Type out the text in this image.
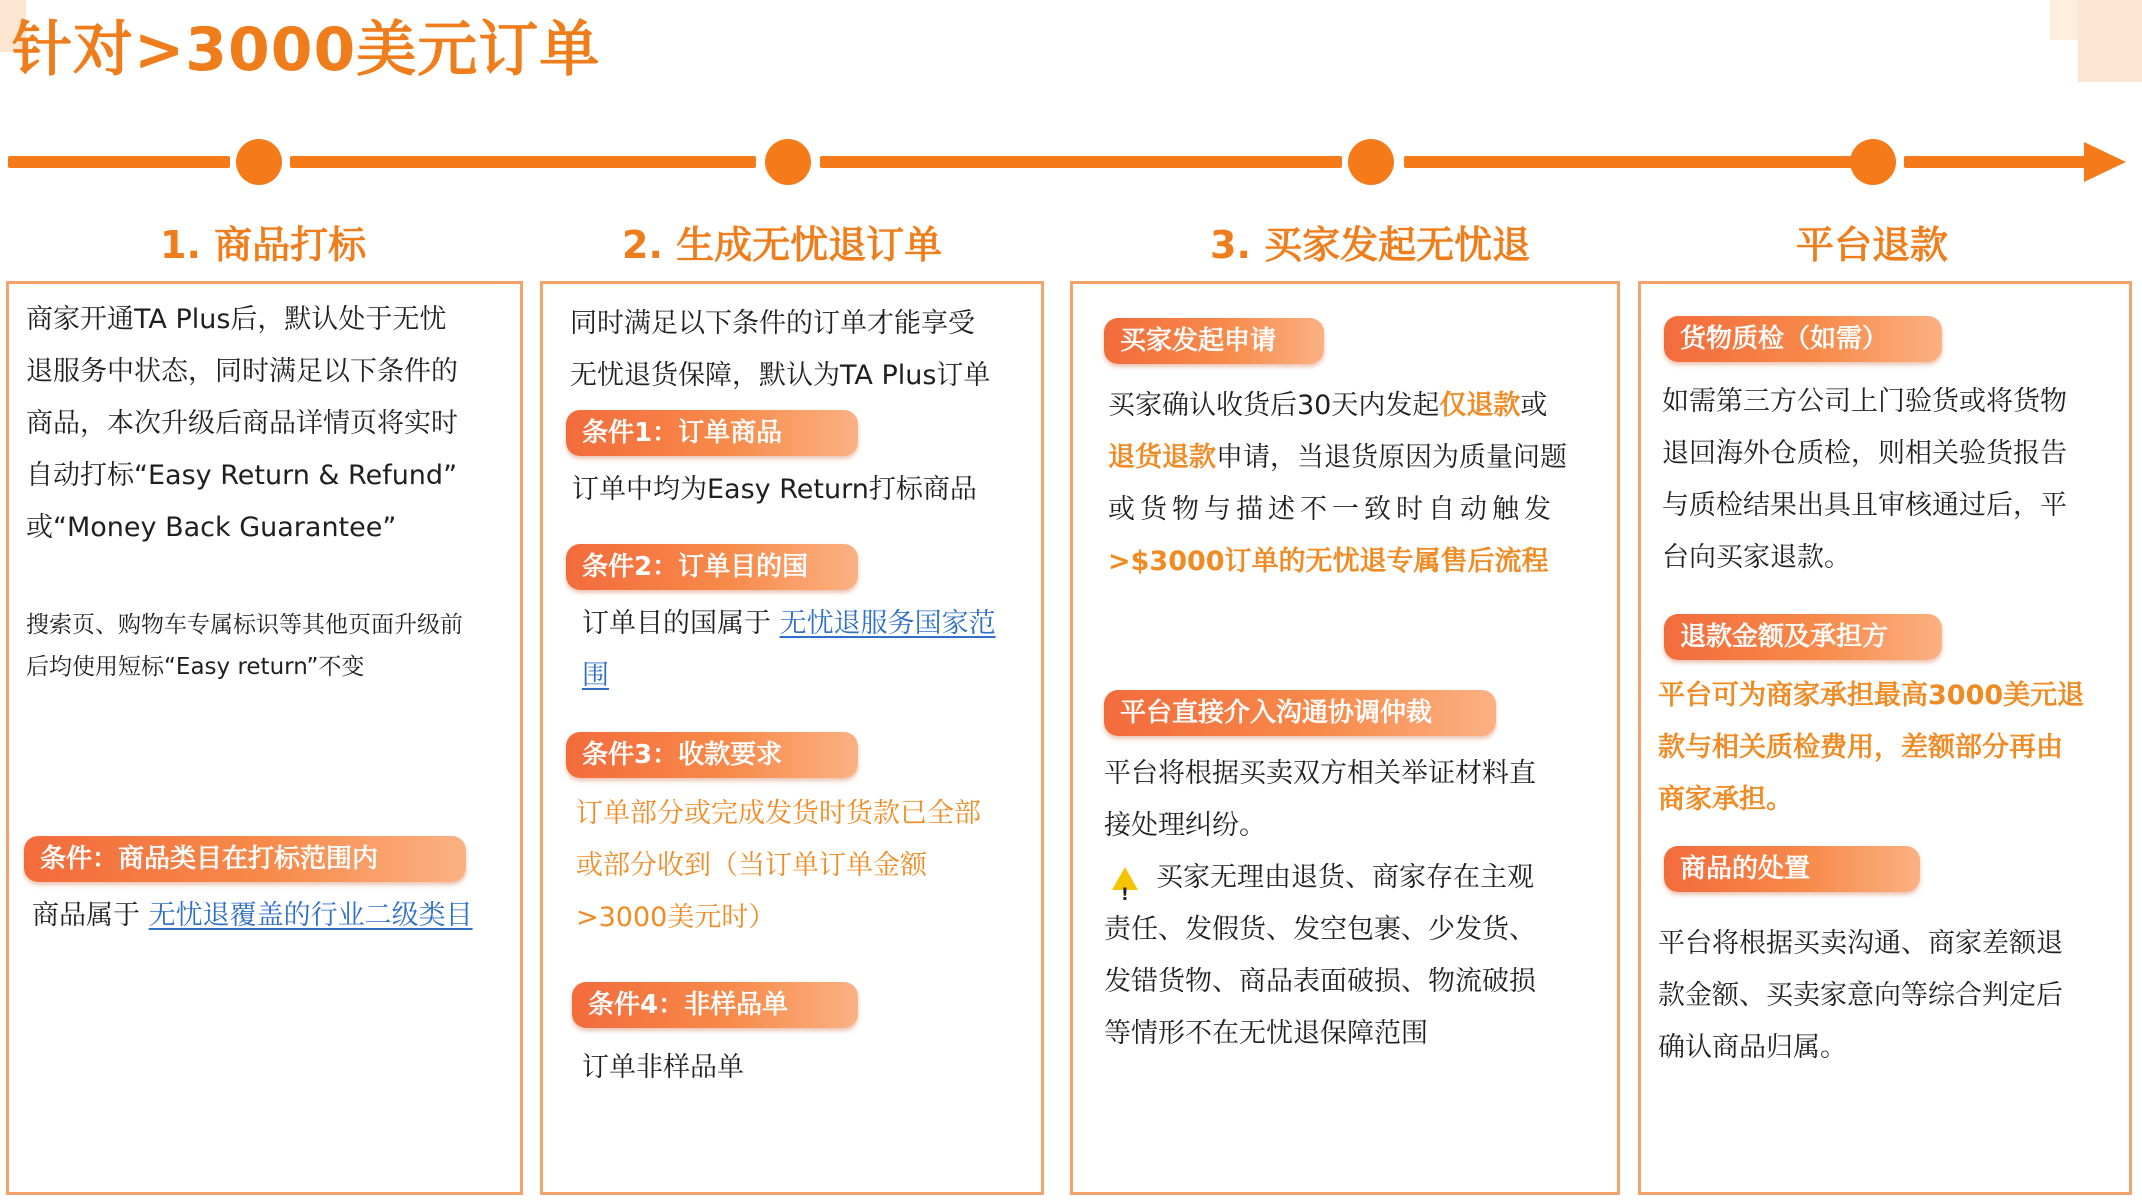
针对>3000美元订单
1. 商品打标	2. 生成无忧退订单	3. 买家发起无忧退	平台退款
商家开通TA Plus后，默认处于无忧
退服务中状态，同时满足以下条件的
商品，本次升级后商品详情页将实时
自动打标“Easy Return & Refund”
或“Money Back Guarantee”
搜索页、购物车专属标识等其他页面升级前
后均使用短标“Easy return”不变
条件：商品类目在打标范围内
商品属于 无忧退覆盖的行业二级类目
同时满足以下条件的订单才能享受
无忧退货保障，默认为TA Plus订单
条件1：订单商品
订单中均为Easy Return打标商品
条件2：订单目的国
订单目的国属于 无忧退服务国家范
围
条件3：收款要求
订单部分或完成发货时货款已全部
或部分收到（当订单订单金额
>3000美元时）
条件4：非样品单
订单非样品单
买家发起申请
买家确认收货后30天内发起仅退款或
退货退款申请，当退货原因为质量问题
或货物与描述不一致时自动触发
>$3000订单的无忧退专属售后流程
平台直接介入沟通协调仲裁
平台将根据买卖双方相关举证材料直
接处理纠纷。
!买家无理由退货、商家存在主观
责任、发假货、发空包裹、少发货、
发错货物、商品表面破损、物流破损
等情形不在无忧退保障范围
货物质检（如需）
如需第三方公司上门验货或将货物
退回海外仓质检，则相关验货报告
与质检结果出具且审核通过后，平
台向买家退款。
退款金额及承担方
平台可为商家承担最高3000美元退
款与相关质检费用，差额部分再由
商家承担。
商品的处置
平台将根据买卖沟通、商家差额退
款金额、买卖家意向等综合判定后
确认商品归属。
